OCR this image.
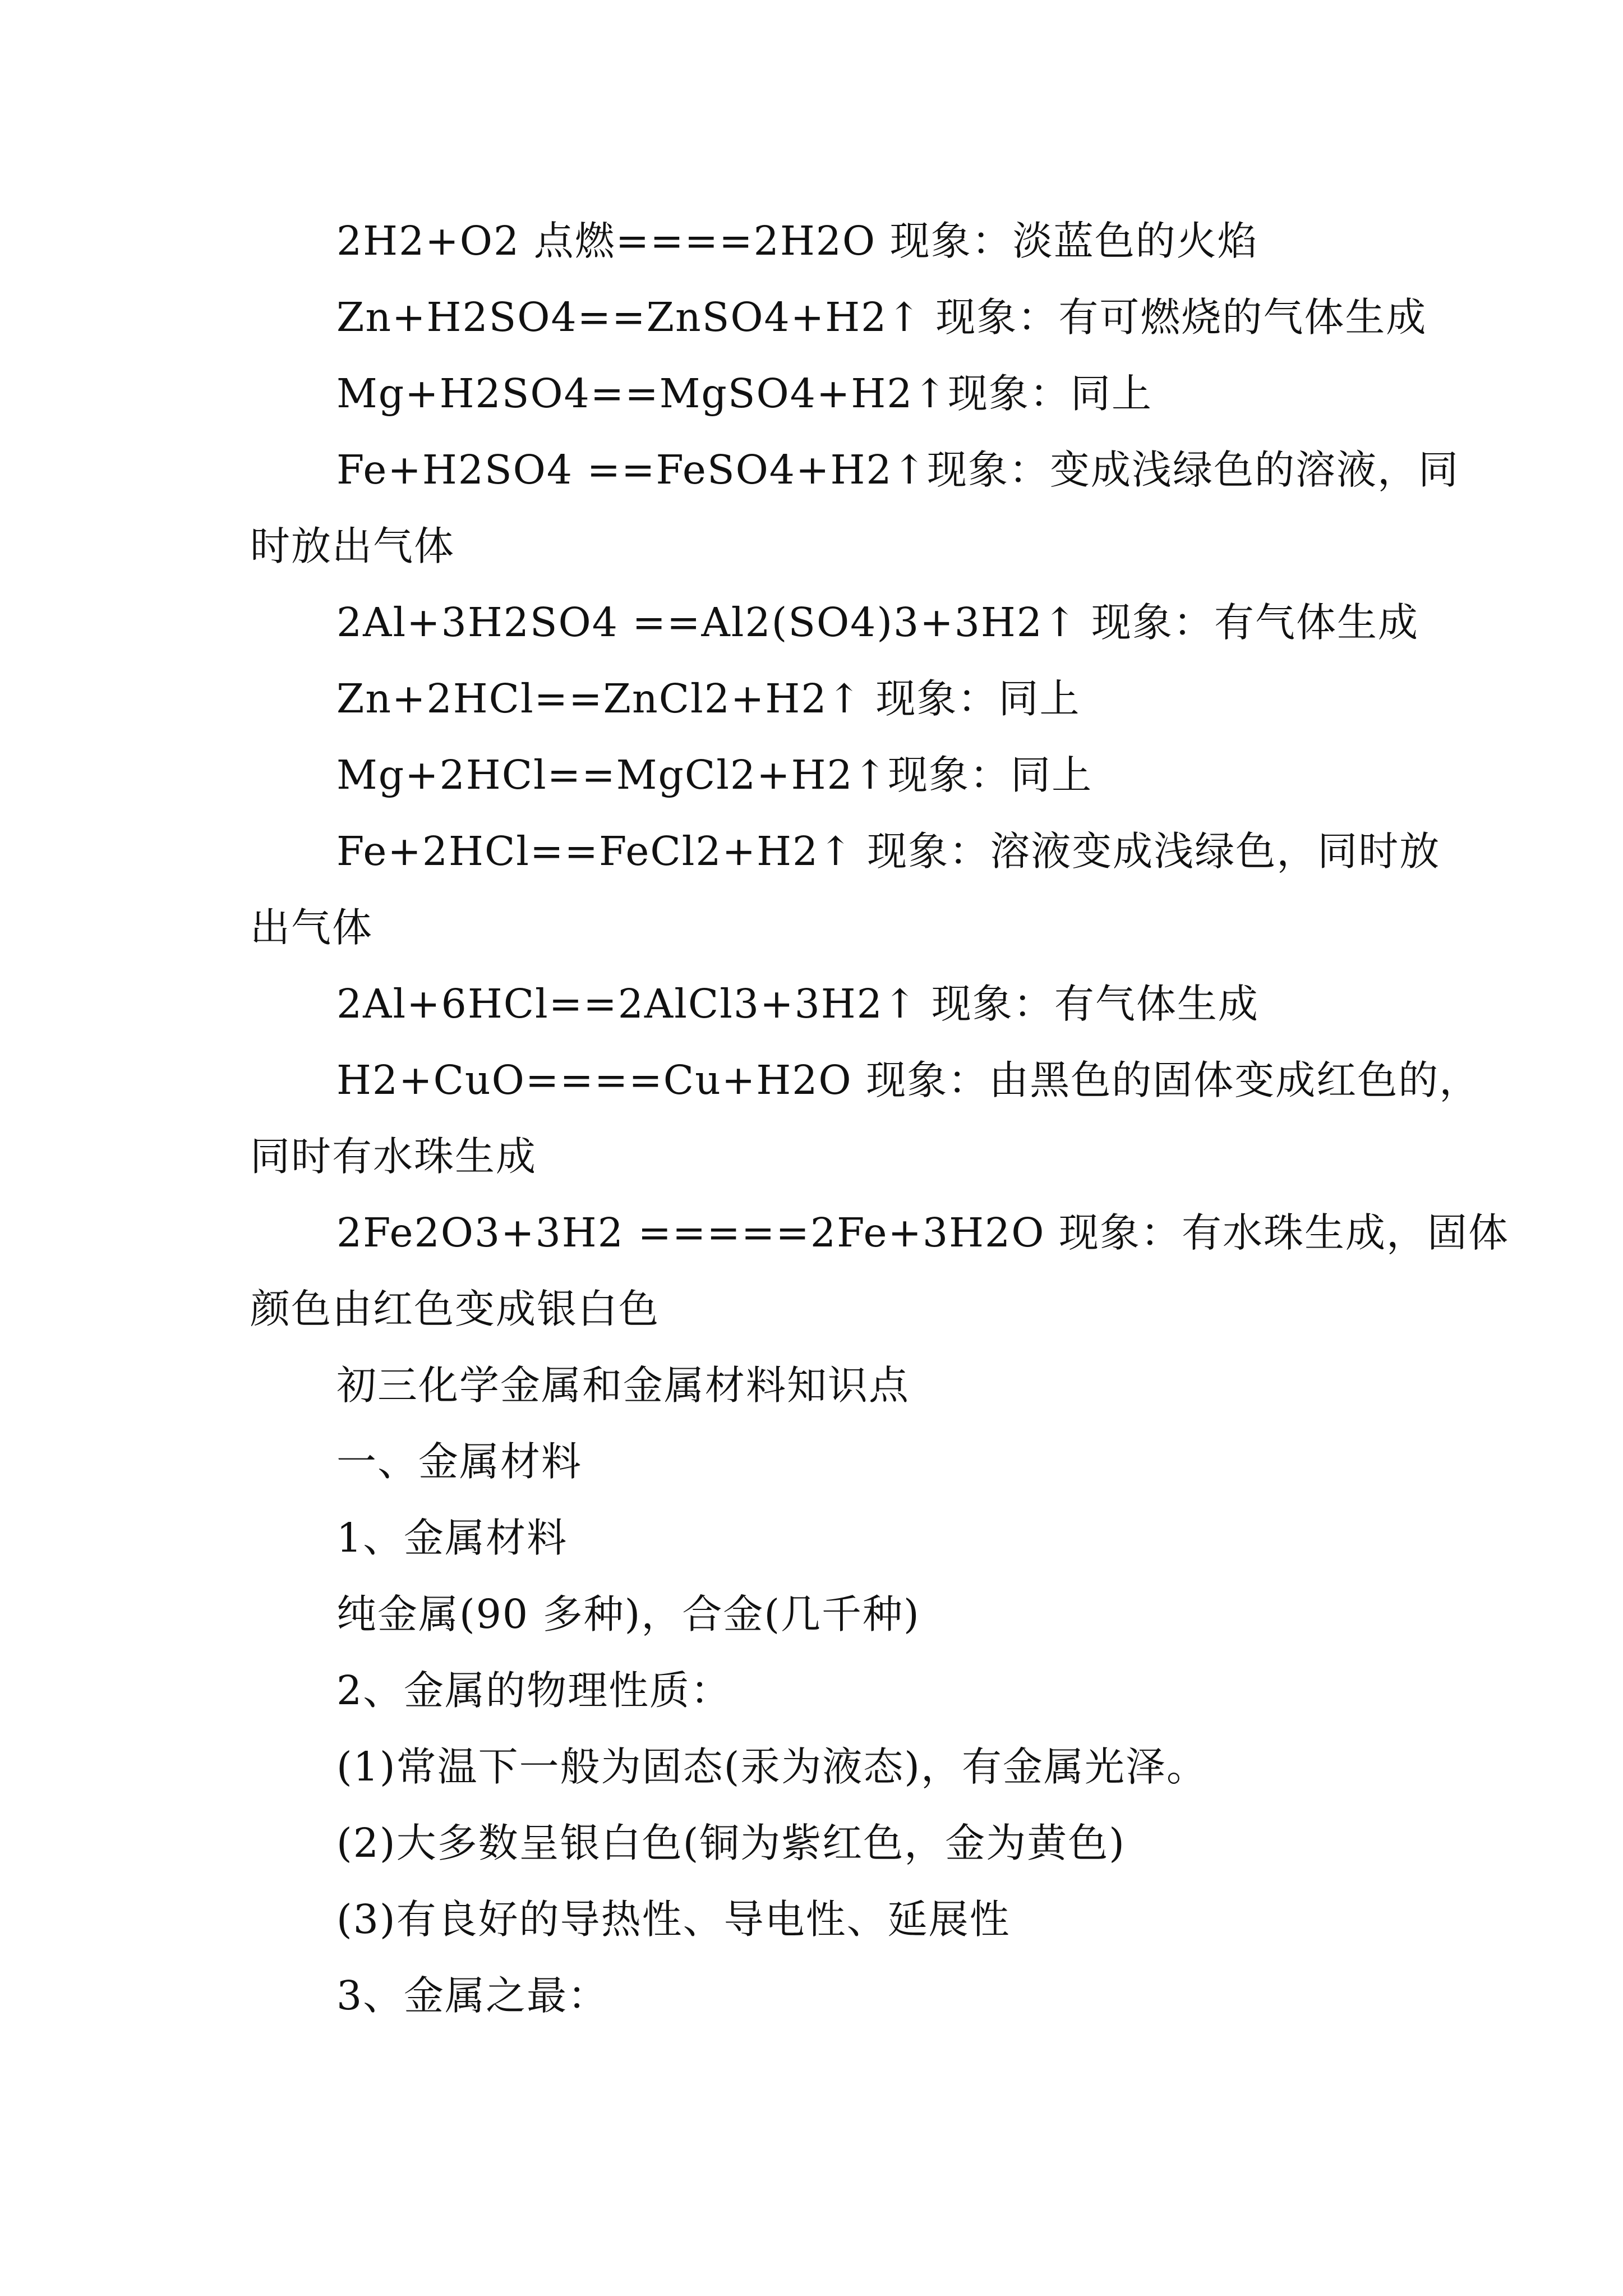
2H2+O2 点燃====2H2O 现象：淡蓝色的火焰

Zn+H2SO4==ZnSO4+H2↑ 现象：有可燃烧的气体生成

Mg+H2SO4==MgSO4+H2↑现象：同上

Fe+H2SO4 ==FeSO4+H2↑现象：变成浅绿色的溶液，同

时放出气体

2Al+3H2SO4 ==Al2(SO4)3+3H2↑ 现象：有气体生成

Zn+2HCl==ZnCl2+H2↑ 现象：同上

Mg+2HCl==MgCl2+H2↑现象：同上

Fe+2HCl==FeCl2+H2↑ 现象：溶液变成浅绿色，同时放

出气体

2Al+6HCl==2AlCl3+3H2↑ 现象：有气体生成

H2+CuO====Cu+H2O 现象：由黑色的固体变成红色的，

同时有水珠生成

2Fe2O3+3H2 =====2Fe+3H2O 现象：有水珠生成，固体

颜色由红色变成银白色

初三化学金属和金属材料知识点

一、金属材料

1、金属材料

纯金属(90 多种)，合金(几千种)

2、金属的物理性质：

(1)常温下一般为固态(汞为液态)，有金属光泽。

(2)大多数呈银白色(铜为紫红色，金为黄色)

(3)有良好的导热性、导电性、延展性

3、金属之最：
